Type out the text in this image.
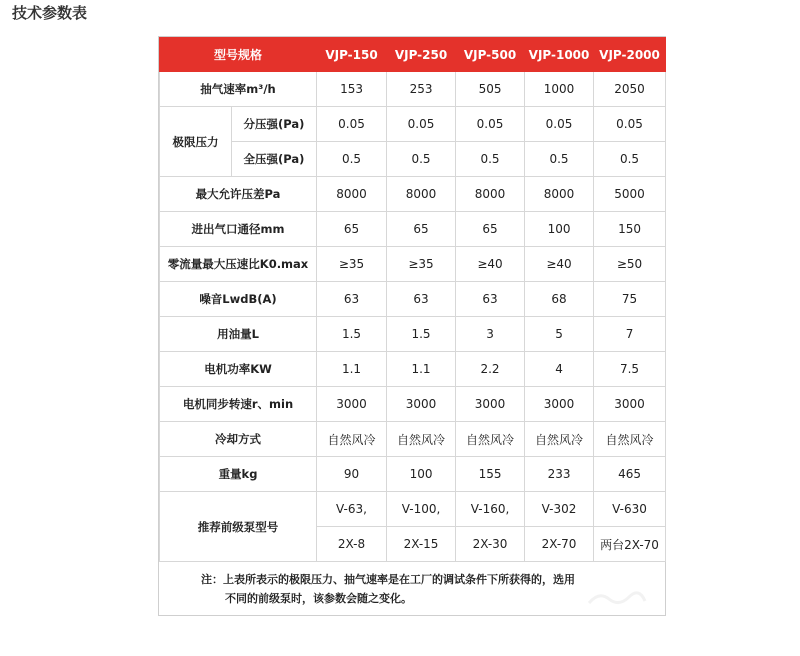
技术参数表
型号规格		VJP-150	VJP-250	VJP-500	VJP-1000	VJP-2000
抽气速率m³/h		153	253	505	1000	2050
极限压力	分压强(Pa)	0.05	0.05	0.05	0.05	0.05
	全压强(Pa)	0.5	0.5	0.5	0.5	0.5
最大允许压差Pa		8000	8000	8000	8000	5000
进出气口通径mm		65	65	65	100	150
零流量最大压速比K0.max		≥35	≥35	≥40	≥40	≥50
噪音LwdB(A)		63	63	63	68	75
用油量L		1.5	1.5	3	5	7
电机功率KW		1.1	1.1	2.2	4	7.5
电机同步转速r、min		3000	3000	3000	3000	3000
冷却方式		自然风冷	自然风冷	自然风冷	自然风冷	自然风冷
重量kg		90	100	155	233	465
推荐前级泵型号		V-63,	V-100,	V-160,	V-302	V-630
		2X-8	2X-15	2X-30	2X-70	两台2X-70
注：上表所表示的极限压力、抽气速率是在工厂的调试条件下所获得的，选用
不同的前级泵时，该参数会随之变化。
